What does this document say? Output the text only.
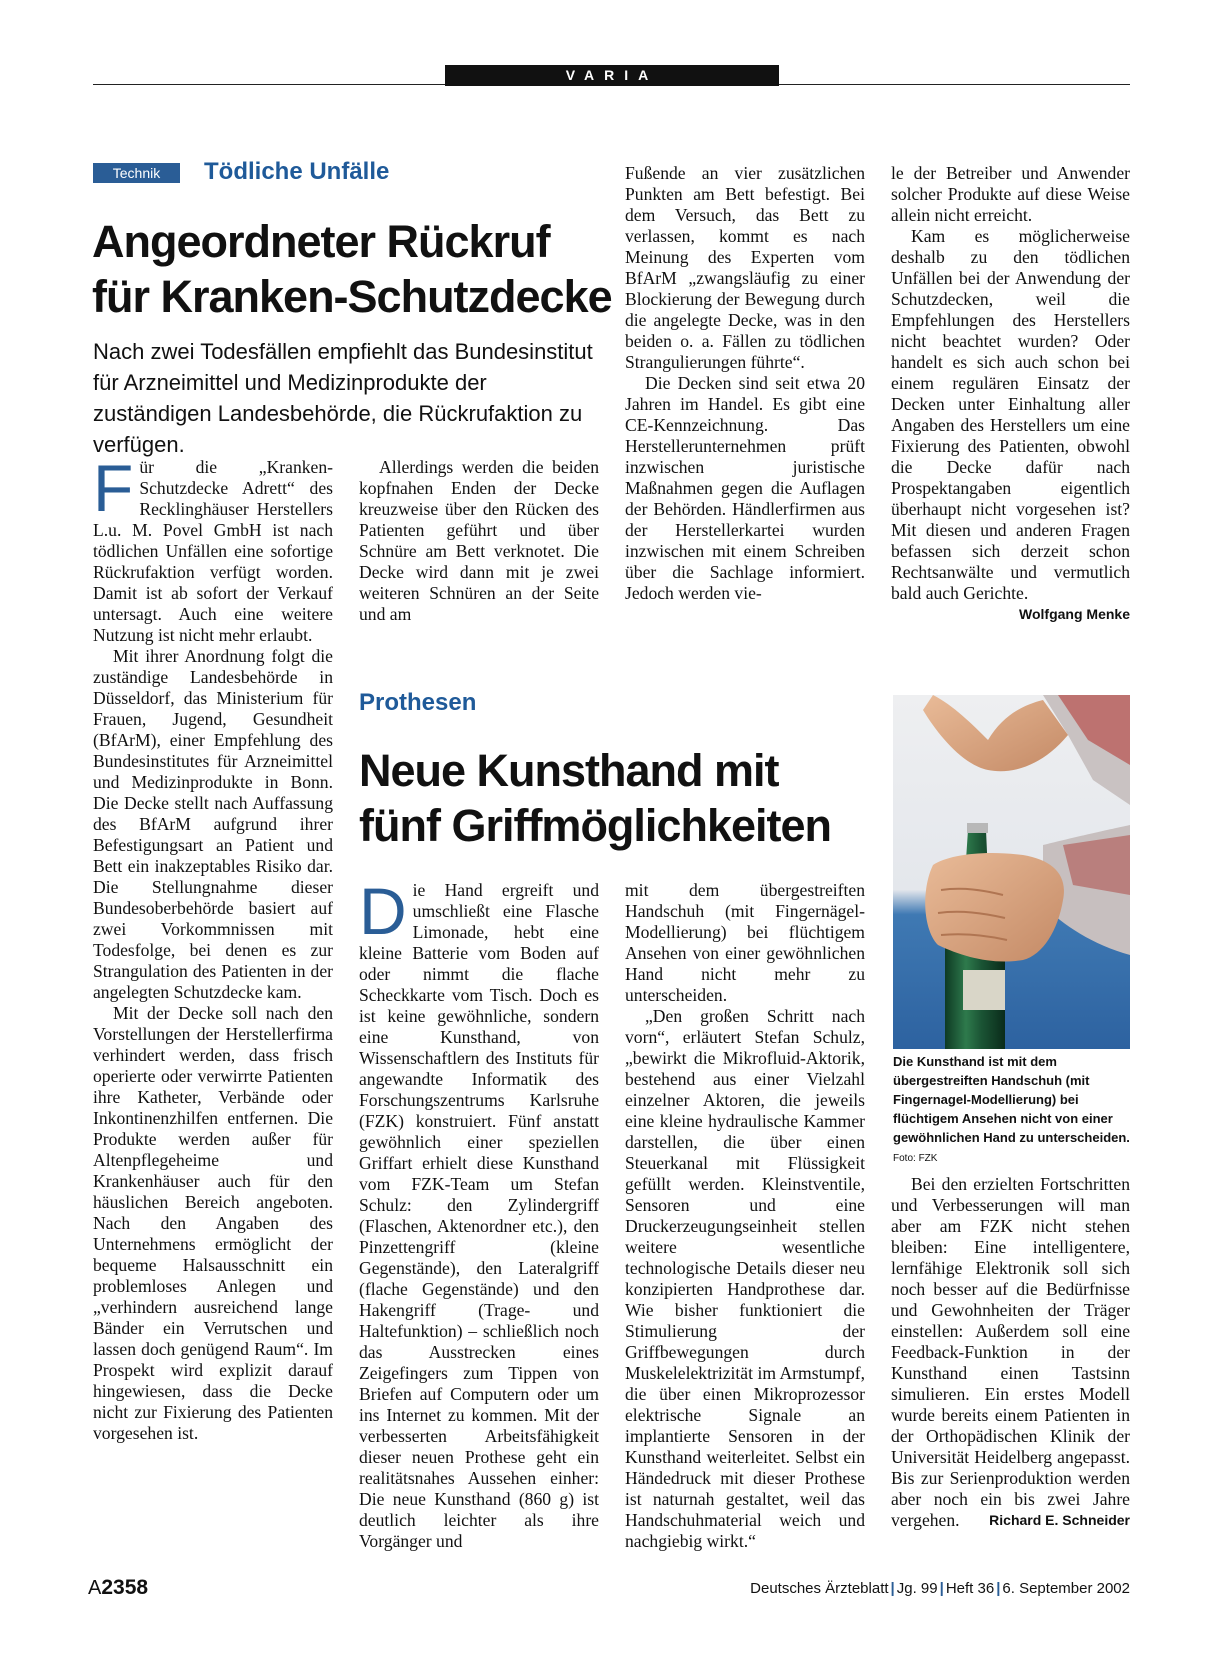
VARIA
Technik	Tödliche Unfälle
Angeordneter Rückruf
für Kranken-Schutzdecke
Nach zwei Todesfällen empfiehlt das Bundesinstitut für Arzneimittel und Medizinprodukte der zuständigen Landesbehörde, die Rückrufaktion zu verfügen.
F ür die „Kranken-Schutzdecke Adrett“ des Recklinghäuser Herstellers L.u. M. Povel GmbH ist nach tödlichen Unfällen eine sofortige Rückrufaktion verfügt worden. Damit ist ab sofort der Verkauf untersagt. Auch eine weitere Nutzung ist nicht mehr erlaubt.

Mit ihrer Anordnung folgt die zuständige Landesbehörde in Düsseldorf, das Ministerium für Frauen, Jugend, Gesundheit (BfArM), einer Empfehlung des Bundesinstitutes für Arzneimittel und Medizinprodukte in Bonn. Die Decke stellt nach Auffassung des BfArM aufgrund ihrer Befestigungsart an Patient und Bett ein inakzeptables Risiko dar. Die Stellungnahme dieser Bundesoberbehörde basiert auf zwei Vorkommnissen mit Todesfolge, bei denen es zur Strangulation des Patienten in der angelegten Schutzdecke kam.

Mit der Decke soll nach den Vorstellungen der Herstellerfirma verhindert werden, dass frisch operierte oder verwirrte Patienten ihre Katheter, Verbände oder Inkontinenzhilfen entfernen. Die Produkte werden außer für Altenpflegeheime und Krankenhäuser auch für den häuslichen Bereich angeboten. Nach den Angaben des Unternehmens ermöglicht der bequeme Halsausschnitt ein problemloses Anlegen und „verhindern ausreichend lange Bänder ein Verrutschen und lassen doch genügend Raum“. Im Prospekt wird explizit darauf hingewiesen, dass die Decke nicht zur Fixierung des Patienten vorgesehen ist.

Allerdings werden die beiden kopfnahen Enden der Decke kreuzweise über den Rücken des Patienten geführt und über Schnüre am Bett verknotet. Die Decke wird dann mit je zwei weiteren Schnüren an der Seite und am

Fußende an vier zusätzlichen Punkten am Bett befestigt. Bei dem Versuch, das Bett zu verlassen, kommt es nach Meinung des Experten vom BfArM „zwangsläufig zu einer Blockierung der Bewegung durch die angelegte Decke, was in den beiden o. a. Fällen zu tödlichen Strangulierungen führte“.

Die Decken sind seit etwa 20 Jahren im Handel. Es gibt eine CE-Kennzeichnung. Das Herstellerunternehmen prüft inzwischen juristische Maßnahmen gegen die Auflagen der Behörden. Händlerfirmen aus der Herstellerkartei wurden inzwischen mit einem Schreiben über die Sachlage informiert. Jedoch werden vie-

le der Betreiber und Anwender solcher Produkte auf diese Weise allein nicht erreicht.

Kam es möglicherweise deshalb zu den tödlichen Unfällen bei der Anwendung der Schutzdecken, weil die Empfehlungen des Herstellers nicht beachtet wurden? Oder handelt es sich auch schon bei einem regulären Einsatz der Decken unter Einhaltung aller Angaben des Herstellers um eine Fixierung des Patienten, obwohl die Decke dafür nach Prospektangaben eigentlich überhaupt nicht vorgesehen ist? Mit diesen und anderen Fragen befassen sich derzeit schon Rechtsanwälte und vermutlich bald auch Gerichte.
Wolfgang Menke

Prothesen
Neue Kunsthand mit
fünf Griffmöglichkeiten
D ie Hand ergreift und umschließt eine Flasche Limonade, hebt eine kleine Batterie vom Boden auf oder nimmt die flache Scheckkarte vom Tisch. Doch es ist keine gewöhnliche, sondern eine Kunsthand, von Wissenschaftlern des Instituts für angewandte Informatik des Forschungszentrums Karlsruhe (FZK) konstruiert. Fünf anstatt gewöhnlich einer speziellen Griffart erhielt diese Kunsthand vom FZK-Team um Stefan Schulz: den Zylindergriff (Flaschen, Aktenordner etc.), den Pinzettengriff (kleine Gegenstände), den Lateralgriff (flache Gegenstände) und den Hakengriff (Trage- und Haltefunktion) – schließlich noch das Ausstrecken eines Zeigefingers zum Tippen von Briefen auf Computern oder um ins Internet zu kommen. Mit der verbesserten Arbeitsfähigkeit dieser neuen Prothese geht ein realitätsnahes Aussehen einher: Die neue Kunsthand (860 g) ist deutlich leichter als ihre Vorgänger und

mit dem übergestreiften Handschuh (mit Fingernägel-Modellierung) bei flüchtigem Ansehen von einer gewöhnlichen Hand nicht mehr zu unterscheiden.

„Den großen Schritt nach vorn“, erläutert Stefan Schulz, „bewirkt die Mikrofluid-Aktorik, bestehend aus einer Vielzahl einzelner Aktoren, die jeweils eine kleine hydraulische Kammer darstellen, die über einen Steuerkanal mit Flüssigkeit gefüllt werden. Kleinstventile, Sensoren und eine Druckerzeugungseinheit stellen weitere wesentliche technologische Details dieser neu konzipierten Handprothese dar. Wie bisher funktioniert die Stimulierung der Griffbewegungen durch Muskelelektrizität im Armstumpf, die über einen Mikroprozessor elektrische Signale an implantierte Sensoren in der Kunsthand weiterleitet. Selbst ein Händedruck mit dieser Prothese ist naturnah gestaltet, weil das Handschuhmaterial weich und nachgiebig wirkt.“

Die Kunsthand ist mit dem übergestreiften Handschuh (mit Fingernagel-Modellierung) bei flüchtigem Ansehen nicht von einer gewöhnlichen Hand zu unterscheiden. Foto: FZK

Bei den erzielten Fortschritten und Verbesserungen will man aber am FZK nicht stehen bleiben: Eine intelligentere, lernfähige Elektronik soll sich noch besser auf die Bedürfnisse und Gewohnheiten der Träger einstellen: Außerdem soll eine Feedback-Funktion in der Kunsthand einen Tastsinn simulieren. Ein erstes Modell wurde bereits einem Patienten in der Orthopädischen Klinik der Universität Heidelberg angepasst. Bis zur Serienproduktion werden aber noch ein bis zwei Jahre vergehen.	Richard E. Schneider

A2358	Deutsches Ärzteblatt | Jg. 99 | Heft 36 | 6. September 2002
